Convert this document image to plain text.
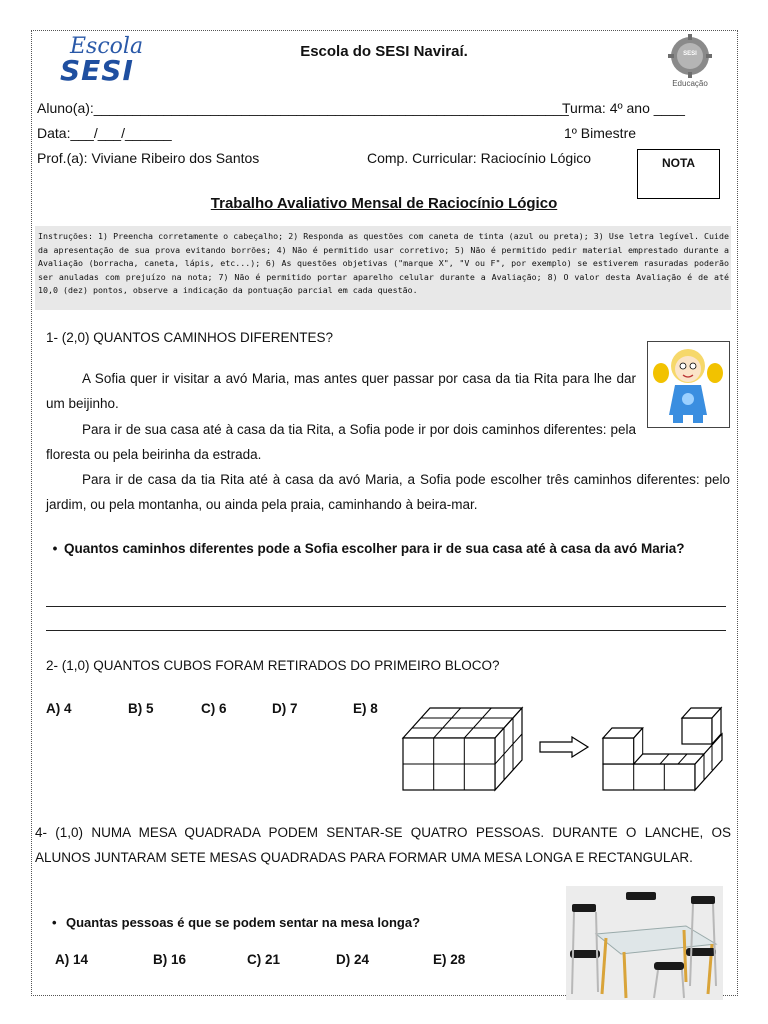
Escola
SESI
Escola do SESI Naviraí.	SESI
Educação
Aluno(a):_____________________________________________________________
Turma: 4º ano ____
Data:___/___/______	1º Bimestre
Prof.(a): Viviane Ribeiro dos Santos	Comp. Curricular: Raciocínio Lógico	NOTA
Trabalho Avaliativo Mensal de Raciocínio Lógico
Instruções: 1) Preencha corretamente o cabeçalho; 2) Responda as questões com caneta de tinta (azul ou preta); 3) Use letra legível. Cuide da apresentação de sua prova evitando borrões; 4) Não é permitido usar corretivo; 5) Não é permitido pedir material emprestado durante a Avaliação (borracha, caneta, lápis, etc...); 6) As questões objetivas ("marque X", "V ou F", por exemplo) se estiverem rasuradas poderão ser anuladas com prejuízo na nota; 7) Não é permitido portar aparelho celular durante a Avaliação; 8) O valor desta Avaliação é de até 10,0 (dez) pontos, observe a indicação da pontuação parcial em cada questão.
1- (2,0) QUANTOS CAMINHOS DIFERENTES?
A Sofia quer ir visitar a avó Maria, mas antes quer passar por casa da tia Rita para lhe dar um beijinho.
Para ir de sua casa até à casa da tia Rita, a Sofia pode ir por dois caminhos diferentes: pela floresta ou pela beirinha da estrada.
Para ir de casa da tia Rita até à casa da avó Maria, a Sofia pode escolher três caminhos diferentes: pelo jardim, ou pela montanha, ou ainda pela praia, caminhando à beira-mar.
• Quantos caminhos diferentes pode a Sofia escolher para ir de sua casa até à casa da avó Maria?
2- (1,0) QUANTOS CUBOS FORAM RETIRADOS DO PRIMEIRO BLOCO?
A) 4	B) 5	C) 6	D) 7	E) 8
4- (1,0) NUMA MESA QUADRADA PODEM SENTAR-SE QUATRO PESSOAS. DURANTE O LANCHE, OS ALUNOS JUNTARAM SETE MESAS QUADRADAS PARA FORMAR UMA MESA LONGA E RECTANGULAR.
• Quantas pessoas é que se podem sentar na mesa longa?
A) 14	B) 16	C) 21	D) 24	E) 28
